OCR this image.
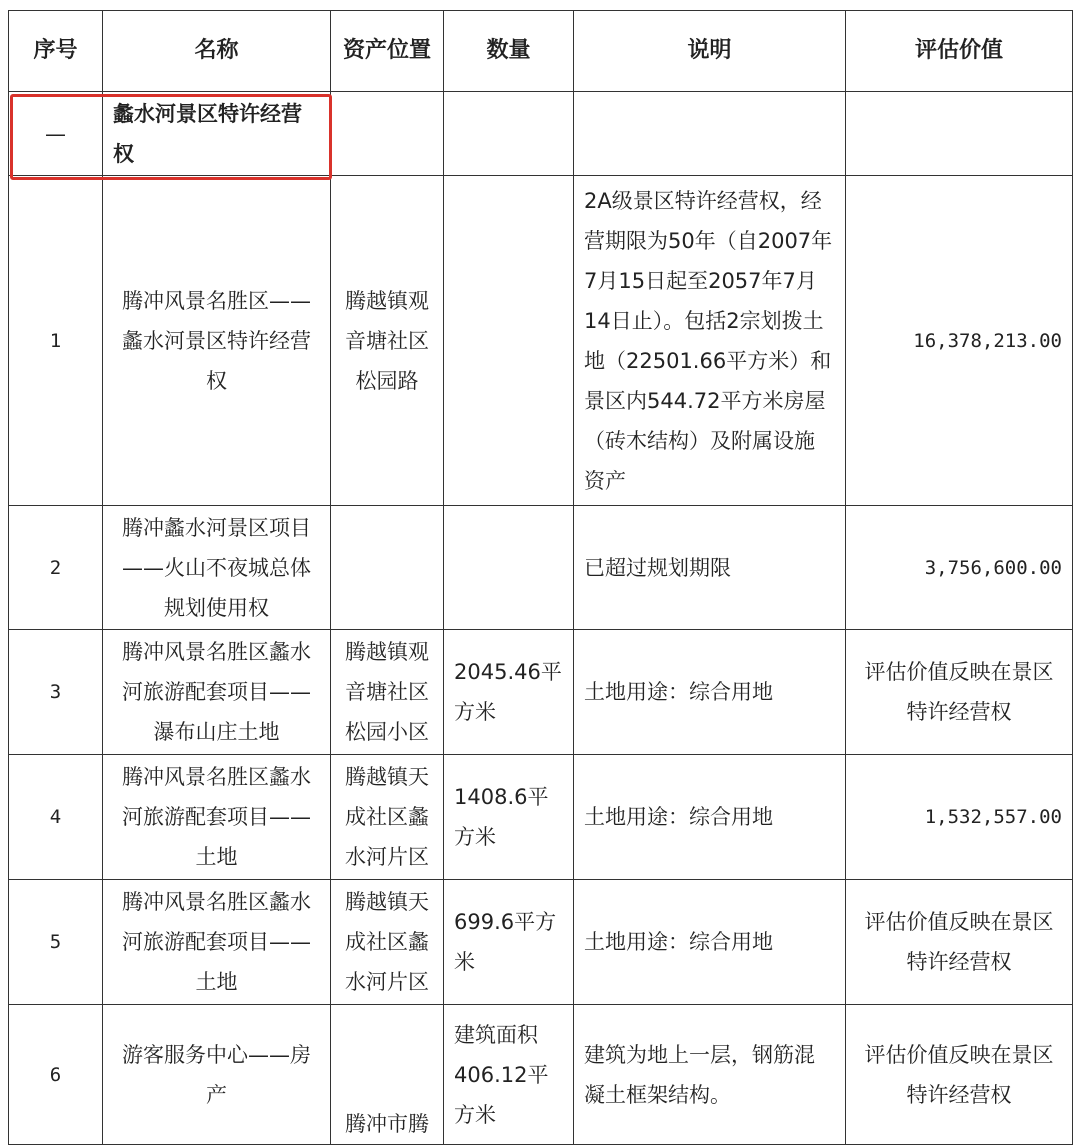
序号	名称	资产位置	数量	说明	评估价值
—	蠡水河景区特许经营权				
1	腾冲风景名胜区——蠡水河景区特许经营权	腾越镇观音塘社区松园路		2A级景区特许经营权，经营期限为50年（自2007年7月15日起至2057年7月14日止）。包括2宗划拨土地（22501.66平方米）和景区内544.72平方米房屋（砖木结构）及附属设施资产	16,378,213.00
2	腾冲蠡水河景区项目——火山不夜城总体规划使用权			已超过规划期限	3,756,600.00
3	腾冲风景名胜区蠡水河旅游配套项目——瀑布山庄土地	腾越镇观音塘社区松园小区	2045.46平方米	土地用途：综合用地	评估价值反映在景区特许经营权
4	腾冲风景名胜区蠡水河旅游配套项目——土地	腾越镇天成社区蠡水河片区	1408.6平方米	土地用途：综合用地	1,532,557.00
5	腾冲风景名胜区蠡水河旅游配套项目——土地	腾越镇天成社区蠡水河片区	699.6平方米	土地用途：综合用地	评估价值反映在景区特许经营权
6	游客服务中心——房产	腾冲市腾	建筑面积406.12平方米	建筑为地上一层，钢筋混凝土框架结构。	评估价值反映在景区特许经营权
